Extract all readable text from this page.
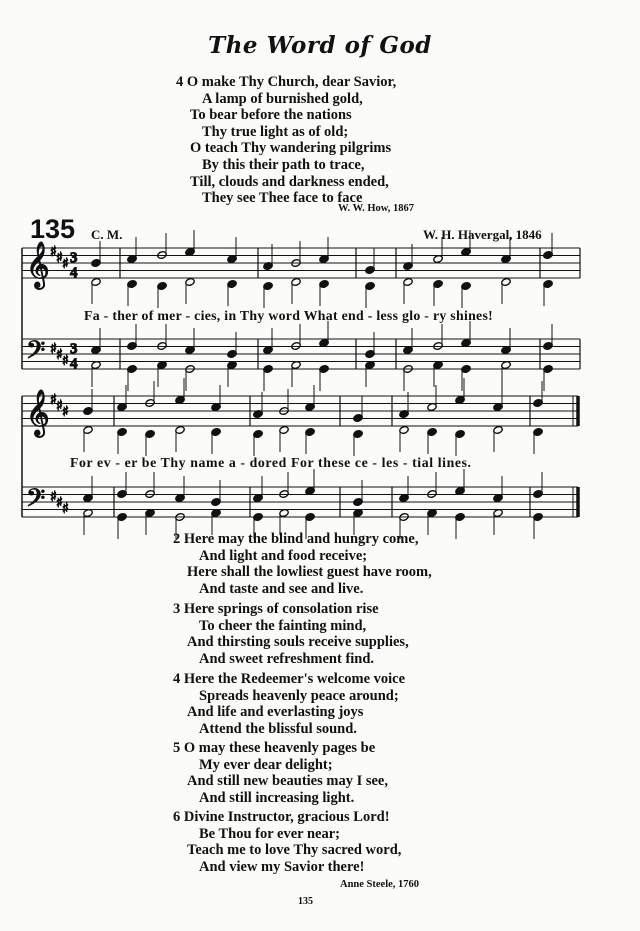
The Word of God
4 O make Thy Church, dear Savior,
A lamp of burnished gold,
To bear before the nations
Thy true light as of old;
O teach Thy wandering pilgrims
By this their path to trace,
Till, clouds and darkness ended,
They see Thee face to face
W. W. How, 1867
135 C. M.	W. H. Havergal, 1846
𝄞
𝄢
♯
♯
♯
♯
♯
♯
3
4
3
4
𝄞
𝄢
♯
♯
♯
♯
♯
♯
Fa - ther of mer - cies, in Thy word What end - less glo - ry shines!
For ev - er be Thy name a - dored For these ce - les - tial lines.
2 Here may the blind and hungry come,
And light and food receive;
Here shall the lowliest guest have room,
And taste and see and live.
3 Here springs of consolation rise
To cheer the fainting mind,
And thirsting souls receive supplies,
And sweet refreshment find.
4 Here the Redeemer's welcome voice
Spreads heavenly peace around;
And life and everlasting joys
Attend the blissful sound.
5 O may these heavenly pages be
My ever dear delight;
And still new beauties may I see,
And still increasing light.
6 Divine Instructor, gracious Lord!
Be Thou for ever near;
Teach me to love Thy sacred word,
And view my Savior there!
Anne Steele, 1760
135
